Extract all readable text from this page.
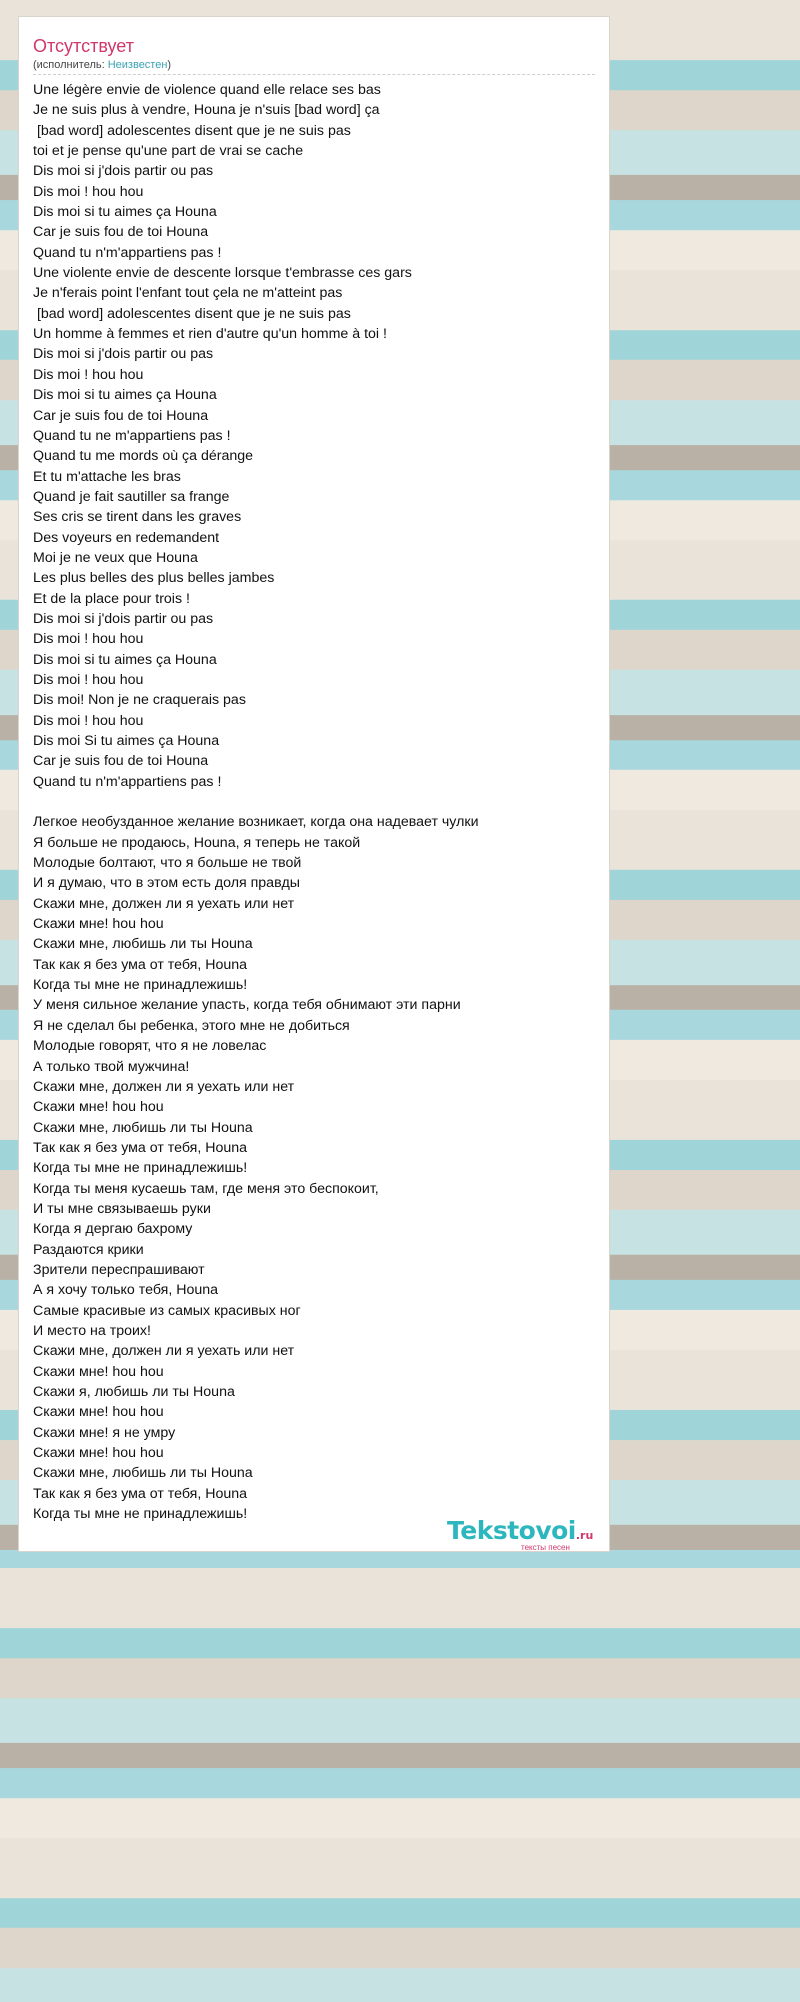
Отсутствует
(исполнитель: Неизвестен)
Une légère envie de violence quand elle relace ses bas
Je ne suis plus à vendre, Houna je n'suis [bad word] ça
[bad word] adolescentes disent que je ne suis pas
toi et je pense qu'une part de vrai se cache
Dis moi si j'dois partir ou pas
Dis moi ! hou hou
Dis moi si tu aimes ça Houna
Car je suis fou de toi Houna
Quand tu n'm'appartiens pas !
Une violente envie de descente lorsque t'embrasse ces gars
Je n'ferais point l'enfant tout çela ne m'atteint pas
[bad word] adolescentes disent que je ne suis pas
Un homme à femmes et rien d'autre qu'un homme à toi !
Dis moi si j'dois partir ou pas
Dis moi ! hou hou
Dis moi si tu aimes ça Houna
Car je suis fou de toi Houna
Quand tu ne m'appartiens pas !
Quand tu me mords où ça dérange
Et tu m'attache les bras
Quand je fait sautiller sa frange
Ses cris se tirent dans les graves
Des voyeurs en redemandent
Moi je ne veux que Houna
Les plus belles des plus belles jambes
Et de la place pour trois !
Dis moi si j'dois partir ou pas
Dis moi ! hou hou
Dis moi si tu aimes ça Houna
Dis moi ! hou hou
Dis moi! Non je ne craquerais pas
Dis moi ! hou hou
Dis moi Si tu aimes ça Houna
Car je suis fou de toi Houna
Quand tu n'm'appartiens pas !
Легкое необузданное желание возникает, когда она надевает чулки
Я больше не продаюсь, Houna, я теперь не такой
Молодые болтают, что я больше не твой
И я думаю, что в этом есть доля правды
Скажи мне, должен ли я уехать или нет
Скажи мне! hou hou
Скажи мне, любишь ли ты Houna
Так как я без ума от тебя, Houna
Когда ты мне не принадлежишь!
У меня сильное желание упасть, когда тебя обнимают эти парни
Я не сделал бы ребенка, этого мне не добиться
Молодые говорят, что я не ловелас
А только твой мужчина!
Скажи мне, должен ли я уехать или нет
Скажи мне! hou hou
Скажи мне, любишь ли ты Houna
Так как я без ума от тебя, Houna
Когда ты мне не принадлежишь!
Когда ты меня кусаешь там, где меня это беспокоит,
И ты мне связываешь руки
Когда я дергаю бахрому
Раздаются крики
Зрители переспрашивают
А я хочу только тебя, Houna
Самые красивые из самых красивых ног
И место на троих!
Скажи мне, должен ли я уехать или нет
Скажи мне! hou hou
Скажи я, любишь ли ты Houna
Скажи мне! hou hou
Скажи мне! я не умру
Скажи мне! hou hou
Скажи мне, любишь ли ты Houna
Так как я без ума от тебя, Houna
Когда ты мне не принадлежишь!
Tekstovoi.ru
тексты песен
